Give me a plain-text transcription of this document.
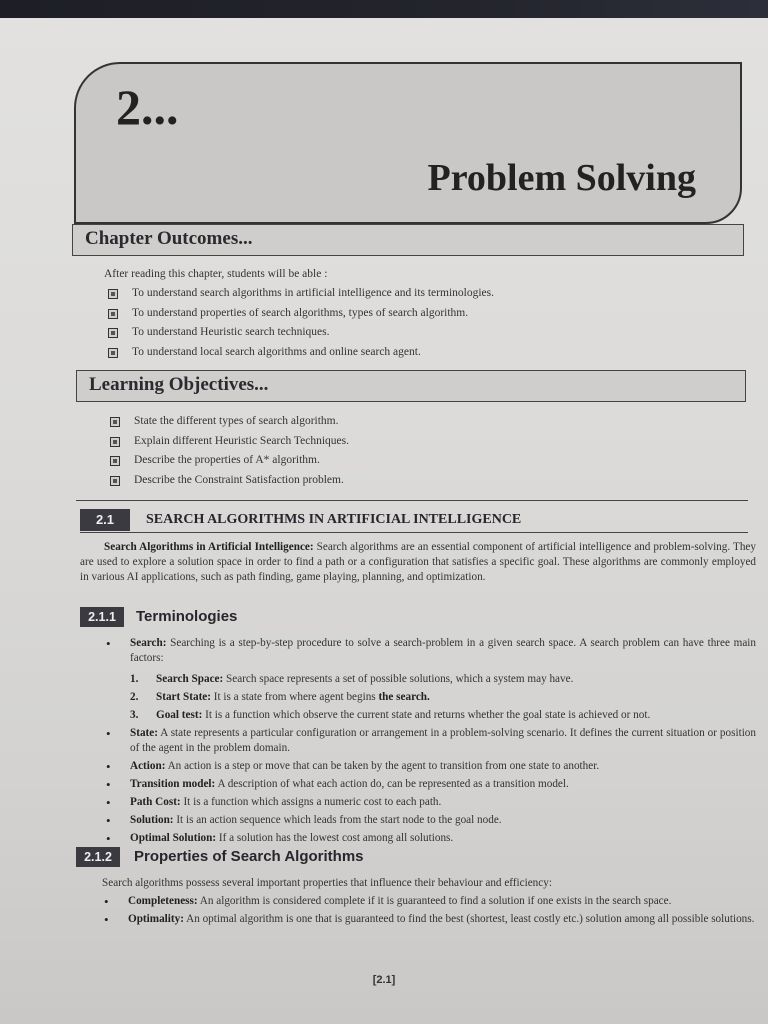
2...
Problem Solving
Chapter Outcomes...
After reading this chapter, students will be able :
To understand search algorithms in artificial intelligence and its terminologies.
To understand properties of search algorithms, types of search algorithm.
To understand Heuristic search techniques.
To understand local search algorithms and online search agent.
Learning Objectives...
State the different types of search algorithm.
Explain different Heuristic Search Techniques.
Describe the properties of A* algorithm.
Describe the Constraint Satisfaction problem.
2.1	SEARCH ALGORITHMS IN ARTIFICIAL INTELLIGENCE
Search Algorithms in Artificial Intelligence: Search algorithms are an essential component of artificial intelligence and problem-solving. They are used to explore a solution space in order to find a path or a configuration that satisfies a specific goal. These algorithms are commonly employed in various AI applications, such as path finding, game playing, planning, and optimization.
2.1.1	Terminologies
• Search: Searching is a step-by-step procedure to solve a search-problem in a given search space. A search problem can have three main factors:
1. Search Space: Search space represents a set of possible solutions, which a system may have.
2. Start State: It is a state from where agent begins the search.
3. Goal test: It is a function which observe the current state and returns whether the goal state is achieved or not.
• State: A state represents a particular configuration or arrangement in a problem-solving scenario. It defines the current situation or position of the agent in the problem domain.
• Action: An action is a step or move that can be taken by the agent to transition from one state to another.
• Transition model: A description of what each action do, can be represented as a transition model.
• Path Cost: It is a function which assigns a numeric cost to each path.
• Solution: It is an action sequence which leads from the start node to the goal node.
• Optimal Solution: If a solution has the lowest cost among all solutions.
2.1.2	Properties of Search Algorithms
Search algorithms possess several important properties that influence their behaviour and efficiency:
• Completeness: An algorithm is considered complete if it is guaranteed to find a solution if one exists in the search space.
• Optimality: An optimal algorithm is one that is guaranteed to find the best (shortest, least costly etc.) solution among all possible solutions.
[2.1]
